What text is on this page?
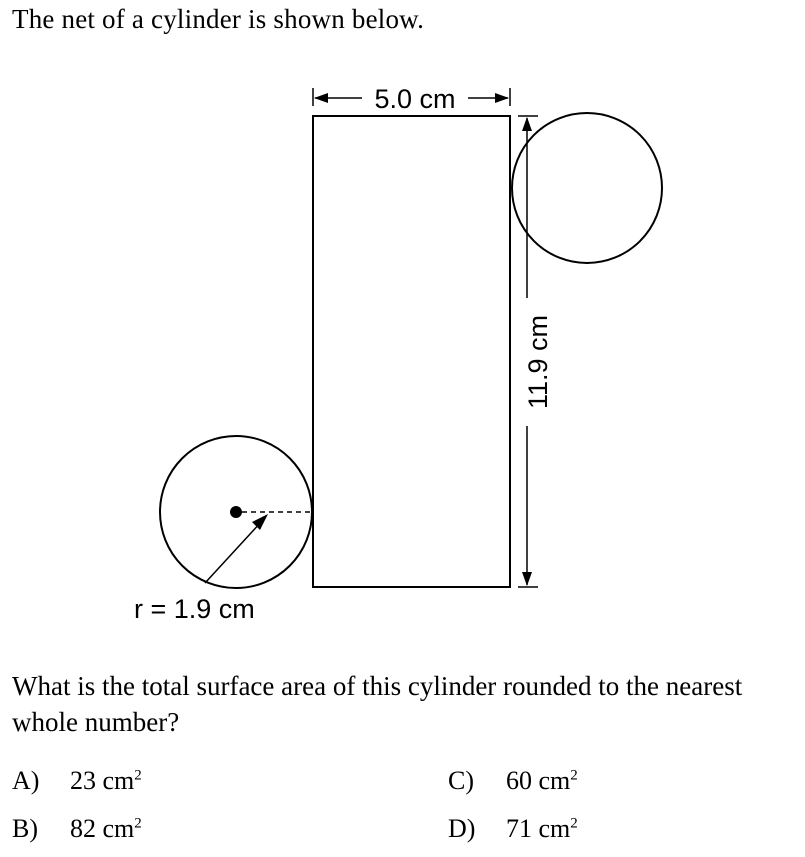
The net of a cylinder is shown below.
5.0 cm
11.9 cm
r = 1.9 cm
What is the total surface area of this cylinder rounded to the nearest whole number?
A) 23 $cm^2$
B) 82 $cm^2$
C) 60 $cm^2$
D) 71 $cm^2$
